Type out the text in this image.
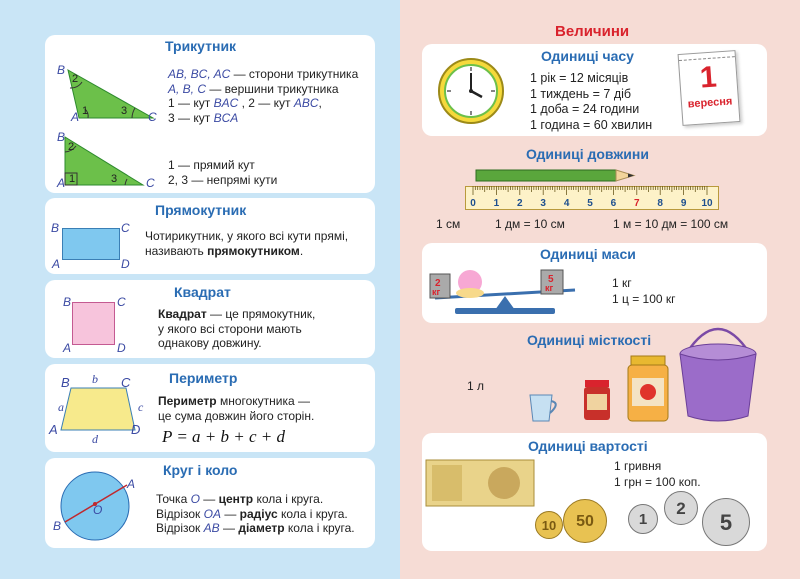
Трикутник
B
A	C
2
1	3
AB, BC, AC — сторони трикутника
A, B, C — вершини трикутника
1 — кут BAC , 2 — кут ABC,
3 — кут BCA
B
A	C
2
1	3
1 — прямий кут
2, 3 — непрямі кути
Прямокутник
B	C
A	D
Чотирикутник, у якого всі кути прямі,
називають прямокутником.
Квадрат
B	C
A	D
Квадрат — це прямокутник,
у якого всі сторони мають
однакову довжину.
Периметр
B	C
A	D
b
a	c
d
Периметр многокутника —
це сума довжин його сторін.
P = a + b + c + d
Круг і коло
A
B
O
Точка O — центр кола і круга.
Відрізок OA — радіус кола і круга.
Відрізок AB — діаметр кола і круга.
Величини
Одиниці часу
1 рік = 12 місяців
1 тиждень = 7 діб
1 доба = 24 години
1 година = 60 хвилин
1
вересня
Одиниці довжини
0 1 2 3 4 5 6 7 8 9 10
1 см	1 дм = 10 см	1 м = 10 дм = 100 см
Одиниці маси
2
кг
5
кг	1 кг
1 ц = 100 кг
Одиниці місткості
1 л
Одиниці вартості
1 гривня
1 грн = 100 коп.
10	50	1
2
5
